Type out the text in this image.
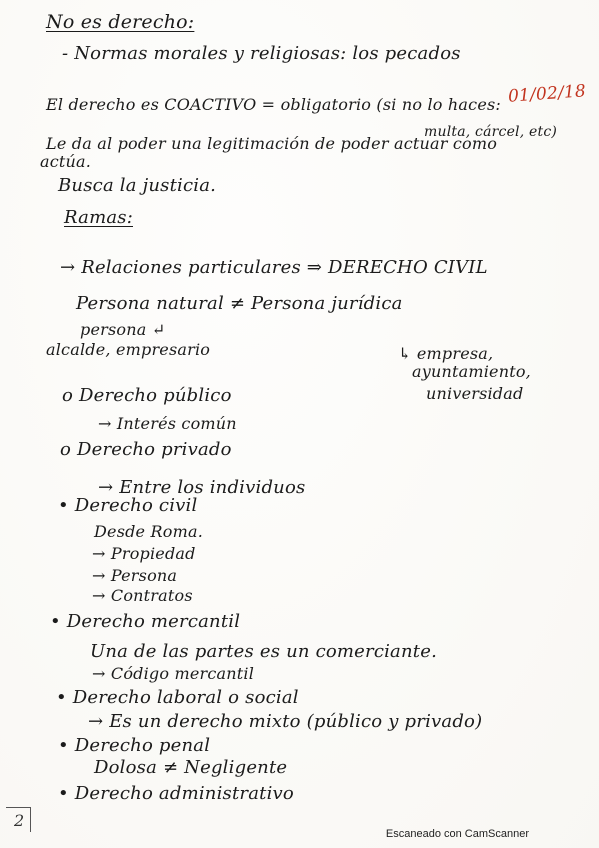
No es derecho:
- Normas morales y religiosas: los pecados
01/02/18
El derecho es COACTIVO = obligatorio (si no lo haces:
multa, cárcel, etc)
Le da al poder una legitimación de poder actuar como
actúa.
Busca la justicia.
Ramas:
→ Relaciones particulares ⇒ DERECHO CIVIL
Persona natural ≠ Persona jurídica
persona ↵
alcalde, empresario	↳ empresa,
ayuntamiento,
universidad
o Derecho público
→ Interés común
o Derecho privado
→ Entre los individuos
• Derecho civil
Desde Roma.
→ Propiedad
→ Persona
→ Contratos
• Derecho mercantil
Una de las partes es un comerciante.
→ Código mercantil
• Derecho laboral o social
→ Es un derecho mixto (público y privado)
• Derecho penal
Dolosa ≠ Negligente
• Derecho administrativo
2
Escaneado con CamScanner
